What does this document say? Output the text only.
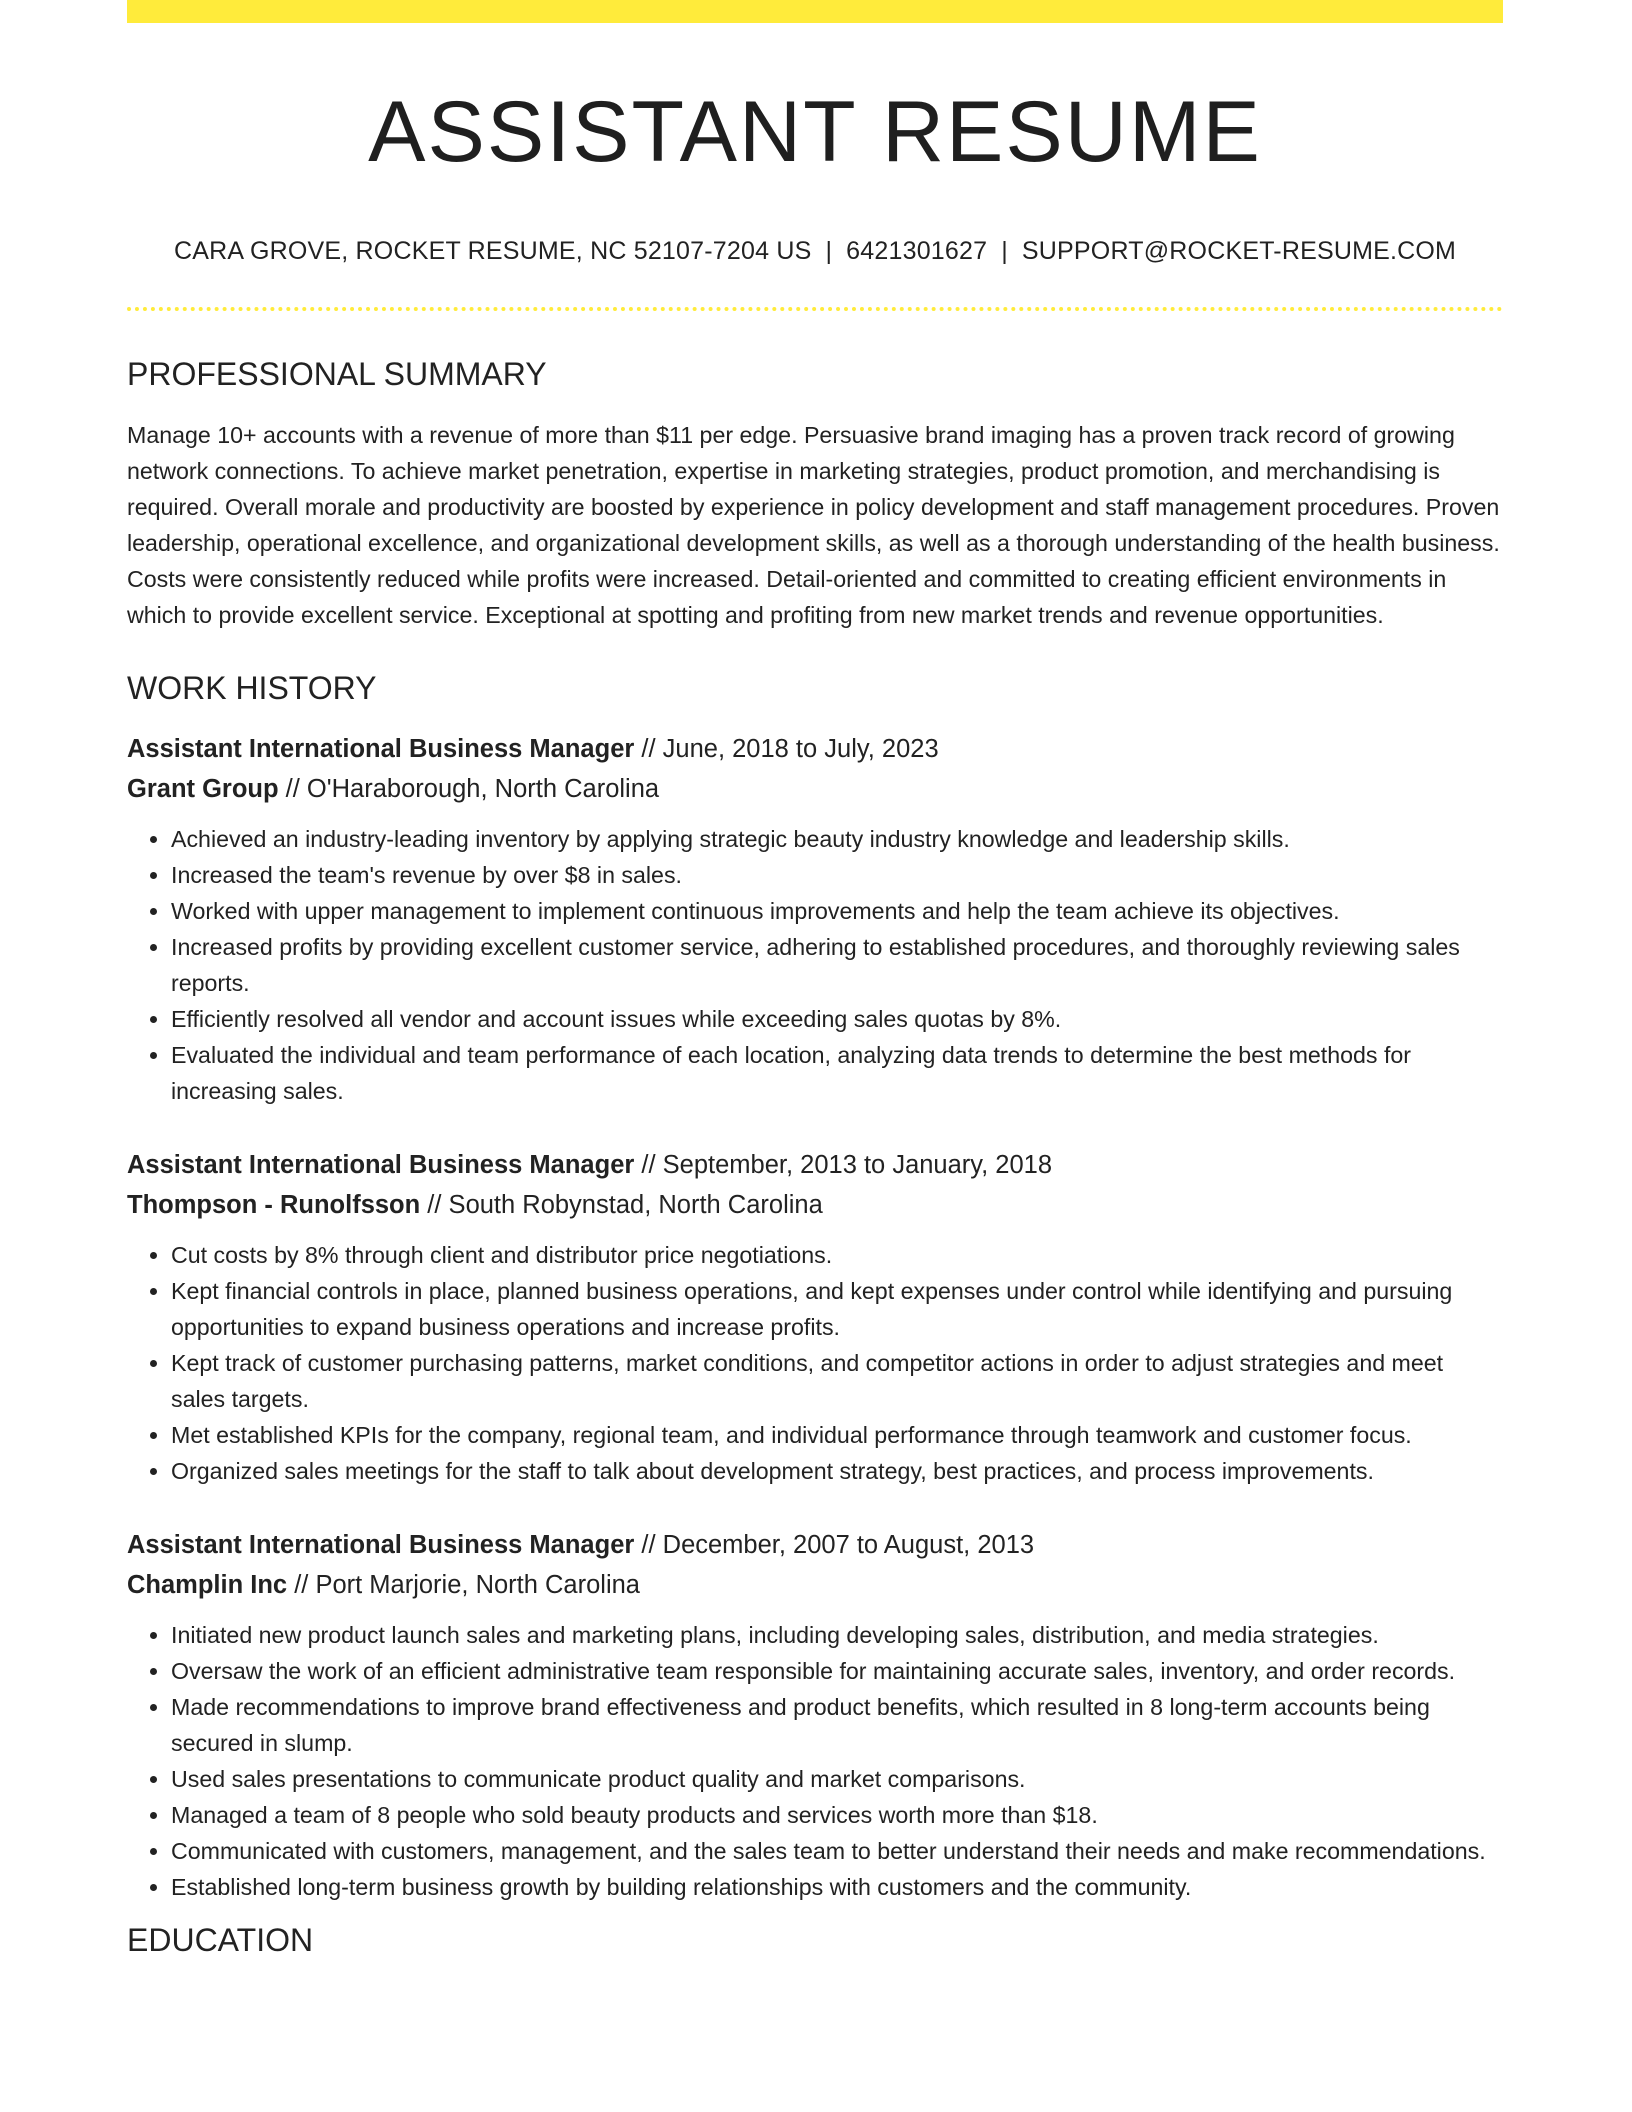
ASSISTANT RESUME
CARA GROVE, ROCKET RESUME, NC 52107-7204 US | 6421301627 | SUPPORT@ROCKET-RESUME.COM
PROFESSIONAL SUMMARY

Manage 10+ accounts with a revenue of more than $11 per edge. Persuasive brand imaging has a proven track record of growing network connections. To achieve market penetration, expertise in marketing strategies, product promotion, and merchandising is required. Overall morale and productivity are boosted by experience in policy development and staff management procedures. Proven leadership, operational excellence, and organizational development skills, as well as a thorough understanding of the health business. Costs were consistently reduced while profits were increased. Detail-oriented and committed to creating efficient environments in which to provide excellent service. Exceptional at spotting and profiting from new market trends and revenue opportunities.

WORK HISTORY
Assistant International Business Manager // June, 2018 to July, 2023
Grant Group // O'Haraborough, North Carolina
• Achieved an industry-leading inventory by applying strategic beauty industry knowledge and leadership skills.
• Increased the team's revenue by over $8 in sales.
• Worked with upper management to implement continuous improvements and help the team achieve its objectives.
• Increased profits by providing excellent customer service, adhering to established procedures, and thoroughly reviewing sales reports.
• Efficiently resolved all vendor and account issues while exceeding sales quotas by 8%.
• Evaluated the individual and team performance of each location, analyzing data trends to determine the best methods for increasing sales.
Assistant International Business Manager // September, 2013 to January, 2018
Thompson - Runolfsson // South Robynstad, North Carolina
• Cut costs by 8% through client and distributor price negotiations.
• Kept financial controls in place, planned business operations, and kept expenses under control while identifying and pursuing opportunities to expand business operations and increase profits.
• Kept track of customer purchasing patterns, market conditions, and competitor actions in order to adjust strategies and meet sales targets.
• Met established KPIs for the company, regional team, and individual performance through teamwork and customer focus.
• Organized sales meetings for the staff to talk about development strategy, best practices, and process improvements.
Assistant International Business Manager // December, 2007 to August, 2013
Champlin Inc // Port Marjorie, North Carolina
• Initiated new product launch sales and marketing plans, including developing sales, distribution, and media strategies.
• Oversaw the work of an efficient administrative team responsible for maintaining accurate sales, inventory, and order records.
• Made recommendations to improve brand effectiveness and product benefits, which resulted in 8 long-term accounts being secured in slump.
• Used sales presentations to communicate product quality and market comparisons.
• Managed a team of 8 people who sold beauty products and services worth more than $18.
• Communicated with customers, management, and the sales team to better understand their needs and make recommendations.
• Established long-term business growth by building relationships with customers and the community.
EDUCATION
